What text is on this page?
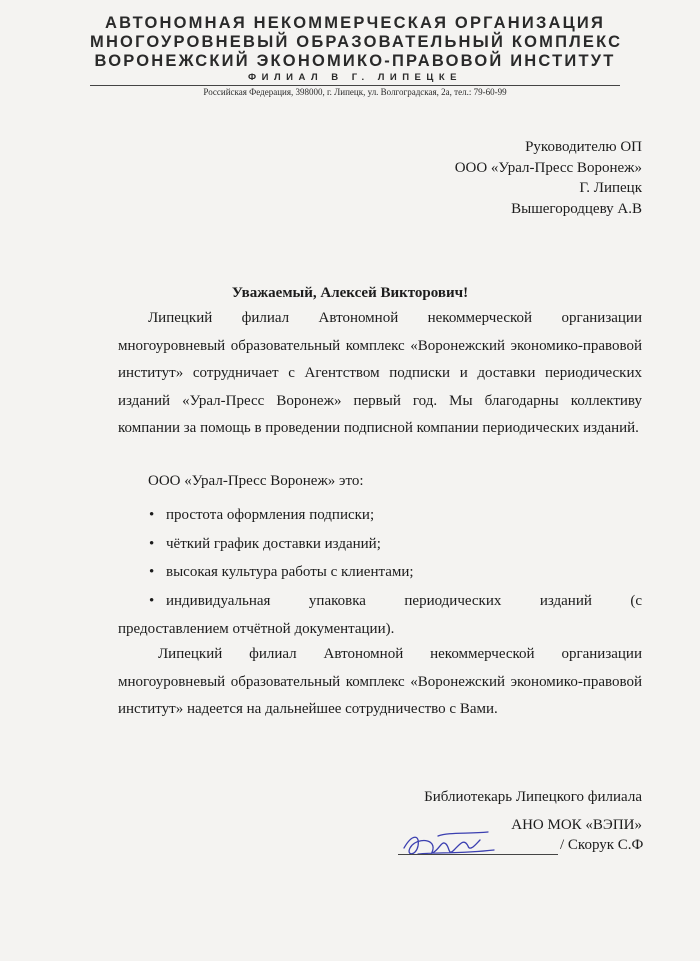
АВТОНОМНАЯ НЕКОММЕРЧЕСКАЯ ОРГАНИЗАЦИЯ
МНОГОУРОВНЕВЫЙ ОБРАЗОВАТЕЛЬНЫЙ КОМПЛЕКС
ВОРОНЕЖСКИЙ ЭКОНОМИКО-ПРАВОВОЙ ИНСТИТУТ
ФИЛИАЛ В Г. ЛИПЕЦКЕ
Российская Федерация, 398000, г. Липецк, ул. Волгоградская, 2а, тел.: 79-60-99
Руководителю ОП
ООО «Урал-Пресс Воронеж»
Г. Липецк
Вышегородцеву А.В
Уважаемый, Алексей Викторович!
Липецкий филиал Автономной некоммерческой организации многоуровневый образовательный комплекс «Воронежский экономико-правовой институт» сотрудничает с Агентством подписки и доставки периодических изданий «Урал-Пресс Воронеж» первый год. Мы благодарны коллективу компании за помощь в проведении подписной компании периодических изданий.
ООО «Урал-Пресс Воронеж» это:
• простота оформления подписки;
• чёткий график доставки изданий;
• высокая культура работы с клиентами;
• индивидуальная упаковка периодических изданий (с
предоставлением отчётной документации).
Липецкий филиал Автономной некоммерческой организации многоуровневый образовательный комплекс «Воронежский экономико-правовой институт» надеется на дальнейшее сотрудничество с Вами.
Библиотекарь Липецкого филиала
АНО МОК «ВЭПИ»
/ Скорук С.Ф
